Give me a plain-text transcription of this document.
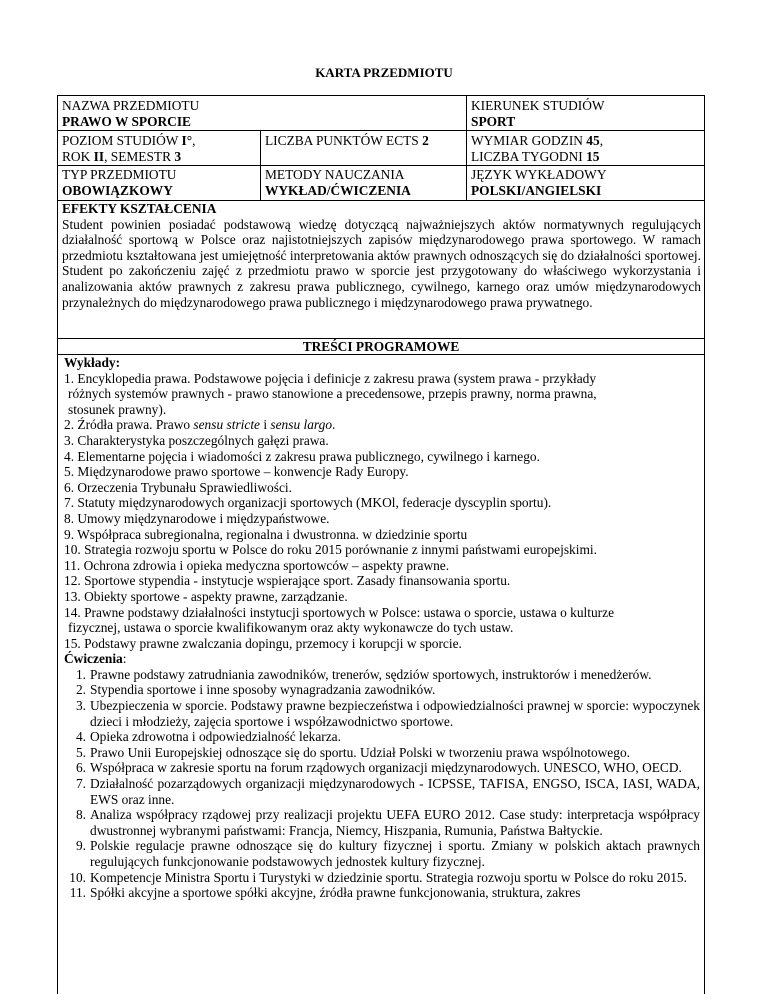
KARTA PRZEDMIOTU
NAZWA PRZEDMIOTU
PRAWO W SPORCIE
KIERUNEK STUDIÓW
SPORT
POZIOM STUDIÓW I°,
ROK II, SEMESTR 3
LICZBA PUNKTÓW ECTS 2	WYMIAR GODZIN 45,
LICZBA TYGODNI 15
TYP PRZEDMIOTU
OBOWIĄZKOWY
METODY NAUCZANIA
WYKŁAD/ĆWICZENIA
JĘZYK WYKŁADOWY
POLSKI/ANGIELSKI
EFEKTY KSZTAŁCENIA
Student powinien posiadać podstawową wiedzę dotyczącą najważniejszych aktów normatywnych regulujących działalność sportową w Polsce oraz najistotniejszych zapisów międzynarodowego prawa sportowego. W ramach przedmiotu kształtowana jest umiejętność interpretowania aktów prawnych odnoszących się do działalności sportowej. Student po zakończeniu zajęć z przedmiotu prawo w sporcie jest przygotowany do właściwego wykorzystania i analizowania aktów prawnych z zakresu prawa publicznego, cywilnego, karnego oraz umów międzynarodowych przynależnych do międzynarodowego prawa publicznego i międzynarodowego prawa prywatnego.
TREŚCI PROGRAMOWE
Wykłady:
1. Encyklopedia prawa. Podstawowe pojęcia i definicje z zakresu prawa (system prawa - przykłady
różnych systemów prawnych - prawo stanowione a precedensowe, przepis prawny, norma prawna,
stosunek prawny).
2. Źródła prawa. Prawo sensu stricte i sensu largo.
3. Charakterystyka poszczególnych gałęzi prawa.
4. Elementarne pojęcia i wiadomości z zakresu prawa publicznego, cywilnego i karnego.
5. Międzynarodowe prawo sportowe – konwencje Rady Europy.
6. Orzeczenia Trybunału Sprawiedliwości.
7. Statuty międzynarodowych organizacji sportowych (MKOl, federacje dyscyplin sportu).
8. Umowy międzynarodowe i międzypaństwowe.
9. Współpraca subregionalna, regionalna i dwustronna. w dziedzinie sportu
10. Strategia rozwoju sportu w Polsce do roku 2015 porównanie z innymi państwami europejskimi.
11. Ochrona zdrowia i opieka medyczna sportowców – aspekty prawne.
12. Sportowe stypendia - instytucje wspierające sport. Zasady finansowania sportu.
13. Obiekty sportowe - aspekty prawne, zarządzanie.
14. Prawne podstawy działalności instytucji sportowych w Polsce: ustawa o sporcie, ustawa o kulturze
fizycznej, ustawa o sporcie kwalifikowanym oraz akty wykonawcze do tych ustaw.
15. Podstawy prawne zwalczania dopingu, przemocy i korupcji w sporcie.
Ćwiczenia:
1. Prawne podstawy zatrudniania zawodników, trenerów, sędziów sportowych, instruktorów i menedżerów.
2. Stypendia sportowe i inne sposoby wynagradzania zawodników.
3. Ubezpieczenia w sporcie. Podstawy prawne bezpieczeństwa i odpowiedzialności prawnej w sporcie: wypoczynek dzieci i młodzieży, zajęcia sportowe i współzawodnictwo sportowe.
4. Opieka zdrowotna i odpowiedzialność lekarza.
5. Prawo Unii Europejskiej odnoszące się do sportu. Udział Polski w tworzeniu prawa wspólnotowego.
6. Współpraca w zakresie sportu na forum rządowych organizacji międzynarodowych. UNESCO, WHO, OECD.
7. Działalność pozarządowych organizacji międzynarodowych - ICPSSE, TAFISA, ENGSO, ISCA, IASI, WADA, EWS oraz inne.
8. Analiza współpracy rządowej przy realizacji projektu UEFA EURO 2012. Case study: interpretacja współpracy dwustronnej wybranymi państwami: Francja, Niemcy, Hiszpania, Rumunia, Państwa Bałtyckie.
9. Polskie regulacje prawne odnoszące się do kultury fizycznej i sportu. Zmiany w polskich aktach prawnych regulujących funkcjonowanie podstawowych jednostek kultury fizycznej.
10. Kompetencje Ministra Sportu i Turystyki w dziedzinie sportu. Strategia rozwoju sportu w Polsce do roku 2015.
11. Spółki akcyjne a sportowe spółki akcyjne, źródła prawne funkcjonowania, struktura, zakres
